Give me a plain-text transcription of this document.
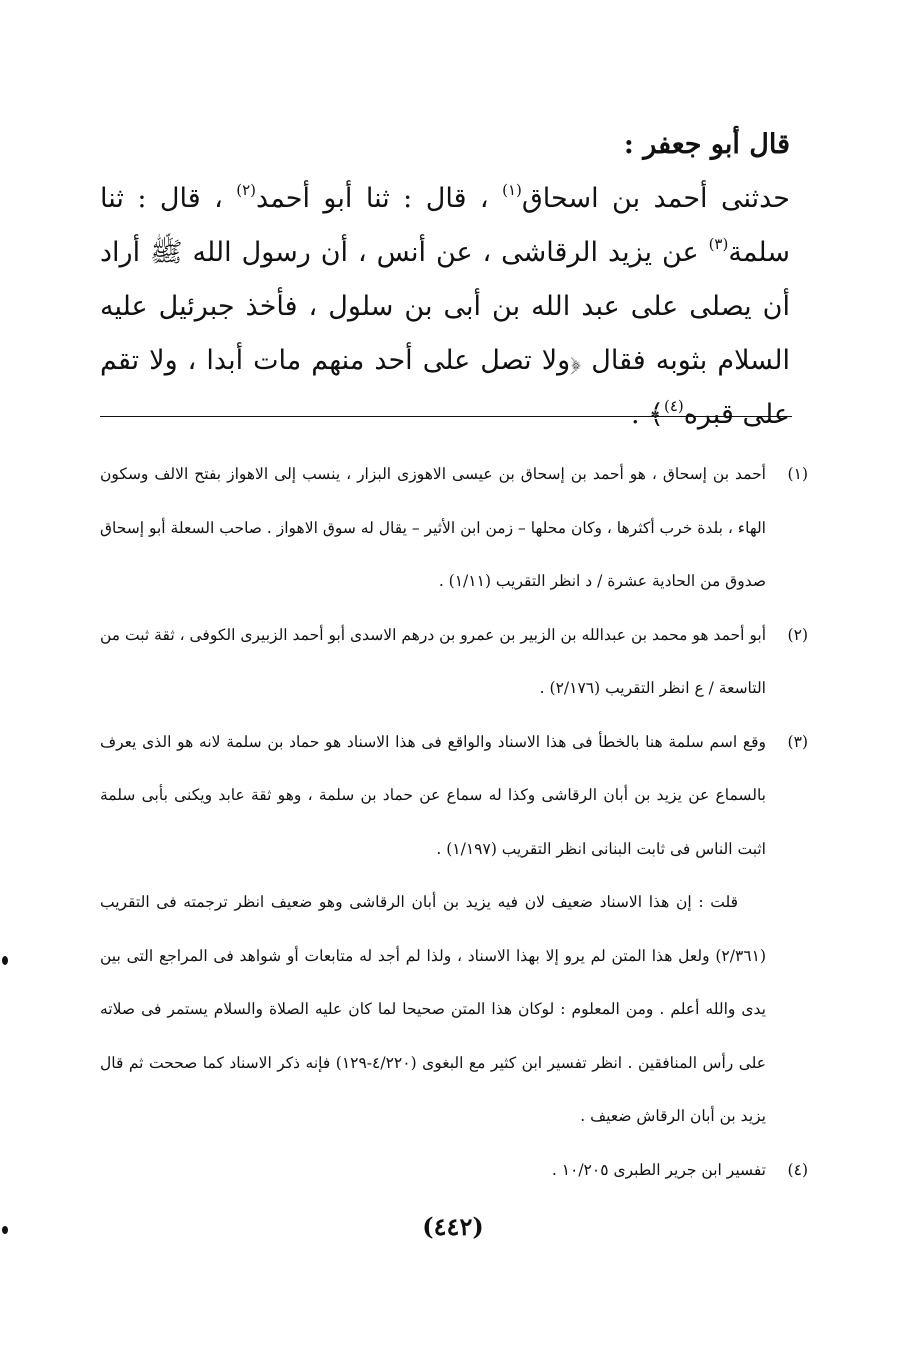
قال أبو جعفر :

حدثنى أحمد بن اسحاق$^{(١)}$ ، قال : ثنا أبو أحمد$^{(٢)}$ ، قال : ثنا سلمة$^{(٣)}$ عن يزيد الرقاشى ، عن أنس ، أن رسول الله ﷺ أراد أن يصلى على عبد الله بن أبى بن سلول ، فأخذ جبرئيل عليه السلام بثوبه فقال ﴿ولا تصل على أحد منهم مات أبدا ، ولا تقم على قبره$^{(٤)}$﴾ .

(١)
أحمد بن إسحاق ، هو أحمد بن إسحاق بن عيسى الاهوزى البزار ، ينسب إلى الاهواز بفتح الالف وسكون الهاء ، بلدة خرب أكثرها ، وكان محلها – زمن ابن الأثير – يقال له سوق الاهواز . صاحب السعلة أبو إسحاق صدوق من الحادية عشرة / د انظر التقريب (١/١١) .

(٢)
أبو أحمد هو محمد بن عبدالله بن الزبير بن عمرو بن درهم الاسدى أبو أحمد الزبيرى الكوفى ، ثقة ثبت من التاسعة / ع انظر التقريب (٢/١٧٦) .

(٣)
وقع اسم سلمة هنا بالخطأ فى هذا الاسناد والواقع فى هذا الاسناد هو حماد بن سلمة لانه هو الذى يعرف بالسماع عن يزيد بن أبان الرقاشى وكذا له سماع عن حماد بن سلمة ، وهو ثقة عابد ويكنى بأبى سلمة اثبت الناس فى ثابت البنانى انظر التقريب (١/١٩٧) .

قلت : إن هذا الاسناد ضعيف لان فيه يزيد بن أبان الرقاشى وهو ضعيف انظر ترجمته فى التقريب (٢/٣٦١) ولعل هذا المتن لم يرو إلا بهذا الاسناد ، ولذا لم أجد له متابعات أو شواهد فى المراجع التى بين يدى والله أعلم . ومن المعلوم : لوكان هذا المتن صحيحا لما كان عليه الصلاة والسلام يستمر فى صلاته على رأس المنافقين . انظر تفسير ابن كثير مع البغوى (٤/٢٢٠-١٢٩) فإنه ذكر الاسناد كما صححت ثم قال يزيد بن أبان الرقاش ضعيف .

(٤)
تفسير ابن جرير الطبرى ١٠/٢٠٥ .

(٤٤٢)
